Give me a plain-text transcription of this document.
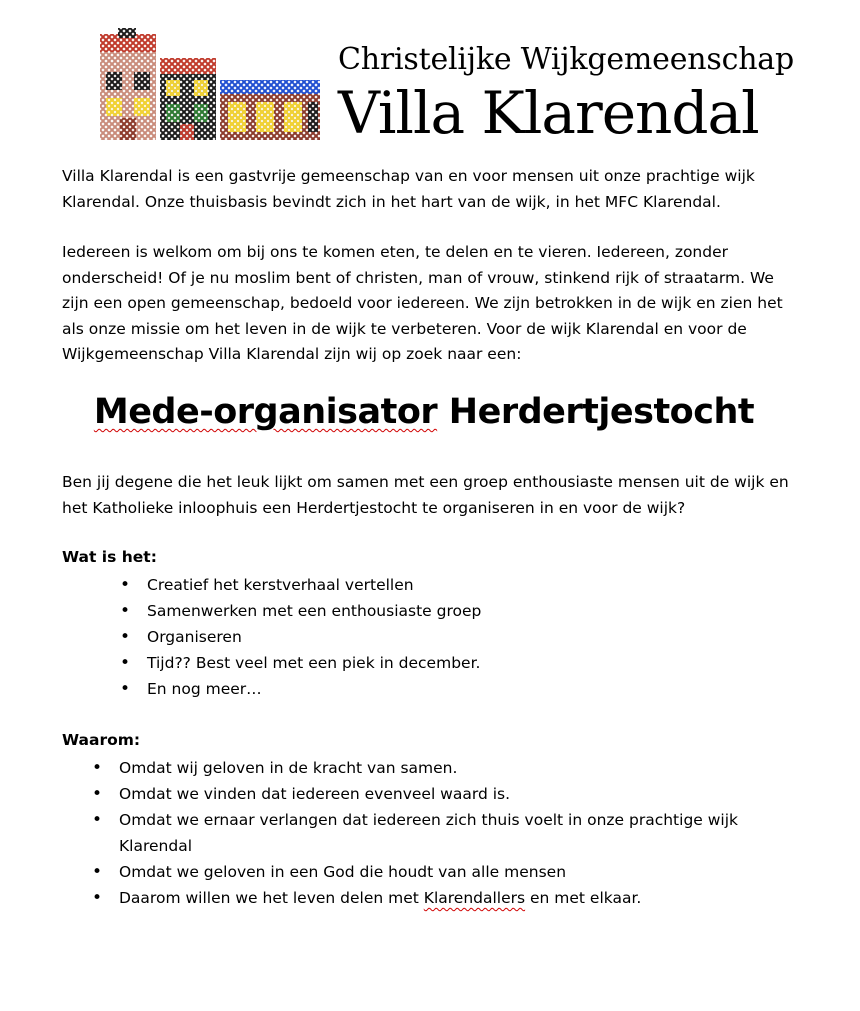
Christelijke Wijkgemeenschap
Villa Klarendal

Villa Klarendal is een gastvrije gemeenschap van en voor mensen uit onze prachtige wijk Klarendal. Onze thuisbasis bevindt zich in het hart van de wijk, in het MFC Klarendal.

Iedereen is welkom om bij ons te komen eten, te delen en te vieren. Iedereen, zonder onderscheid! Of je nu moslim bent of christen, man of vrouw, stinkend rijk of straatarm. We zijn een open gemeenschap, bedoeld voor iedereen. We zijn betrokken in de wijk en zien het als onze missie om het leven in de wijk te verbeteren. Voor de wijk Klarendal en voor de Wijkgemeenschap Villa Klarendal zijn wij op zoek naar een:

Mede-organisator Herdertjestocht

Ben jij degene die het leuk lijkt om samen met een groep enthousiaste mensen uit de wijk en het Katholieke inloophuis een Herdertjestocht te organiseren in en voor de wijk?

Wat is het:
• Creatief het kerstverhaal vertellen
• Samenwerken met een enthousiaste groep
• Organiseren
• Tijd?? Best veel met een piek in december.
• En nog meer…
Waarom:
• Omdat wij geloven in de kracht van samen.
• Omdat we vinden dat iedereen evenveel waard is.
• Omdat we ernaar verlangen dat iedereen zich thuis voelt in onze prachtige wijk Klarendal
• Omdat we geloven in een God die houdt van alle mensen
• Daarom willen we het leven delen met Klarendallers en met elkaar.
